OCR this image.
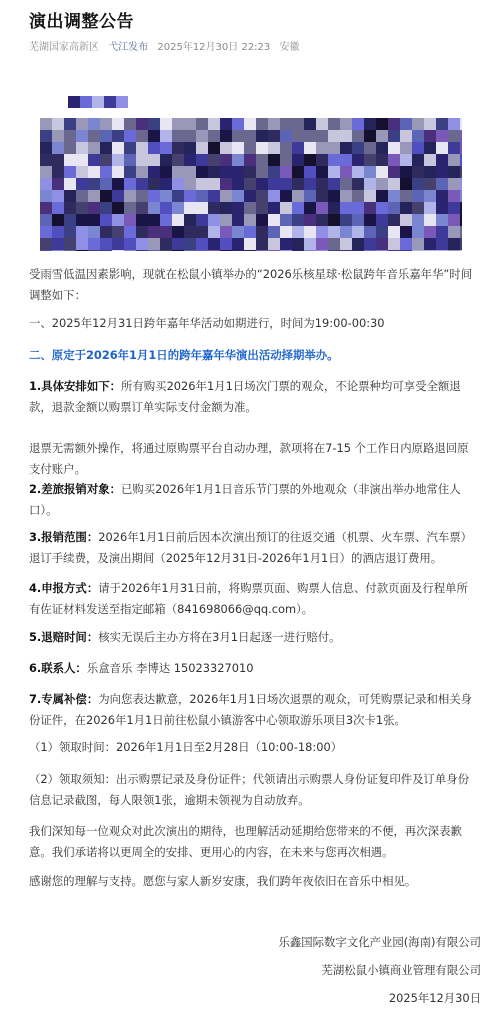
演出调整公告
芜湖国家高新区 弋江发布 2025年12月30日 22:23 安徽

受雨雪低温因素影响，现就在松鼠小镇举办的“2026乐核星球·松鼠跨年音乐嘉年华”时间调整如下：

一、2025年12月31日跨年嘉年华活动如期进行，时间为19:00-00:30

二、原定于2026年1月1日的跨年嘉年华演出活动择期举办。

1.具体安排如下：所有购买2026年1月1日场次门票的观众，不论票种均可享受全额退款，退款金额以购票订单实际支付金额为准。

退票无需额外操作，将通过原购票平台自动办理，款项将在7-15 个工作日内原路退回原支付账户。

2.差旅报销对象：已购买2026年1月1日音乐节门票的外地观众（非演出举办地常住人口）。

3.报销范围：2026年1月1日前后因本次演出预订的往返交通（机票、火车票、汽车票）退订手续费，及演出期间（2025年12月31日-2026年1月1日）的酒店退订费用。

4.申报方式：请于2026年1月31日前，将购票页面、购票人信息、付款页面及行程单所有佐证材料发送至指定邮箱（841698066@qq.com）。

5.退赔时间：核实无误后主办方将在3月1日起逐一进行赔付。

6.联系人：乐盒音乐 李博达 15023327010

7.专属补偿：为向您表达歉意，2026年1月1日场次退票的观众，可凭购票记录和相关身份证件，在2026年1月1日前往松鼠小镇游客中心领取游乐项目3次卡1张。

（1）领取时间：2026年1月1日至2月28日（10:00-18:00）

（2）领取须知：出示购票记录及身份证件；代领请出示购票人身份证复印件及订单身份信息记录截图，每人限领1张，逾期未领视为自动放弃。

我们深知每一位观众对此次演出的期待，也理解活动延期给您带来的不便，再次深表歉意。我们承诺将以更周全的安排、更用心的内容，在未来与您再次相遇。

感谢您的理解与支持。愿您与家人新岁安康，我们跨年夜依旧在音乐中相见。

乐鑫国际数字文化产业园(海南)有限公司
芜湖松鼠小镇商业管理有限公司
2025年12月30日
